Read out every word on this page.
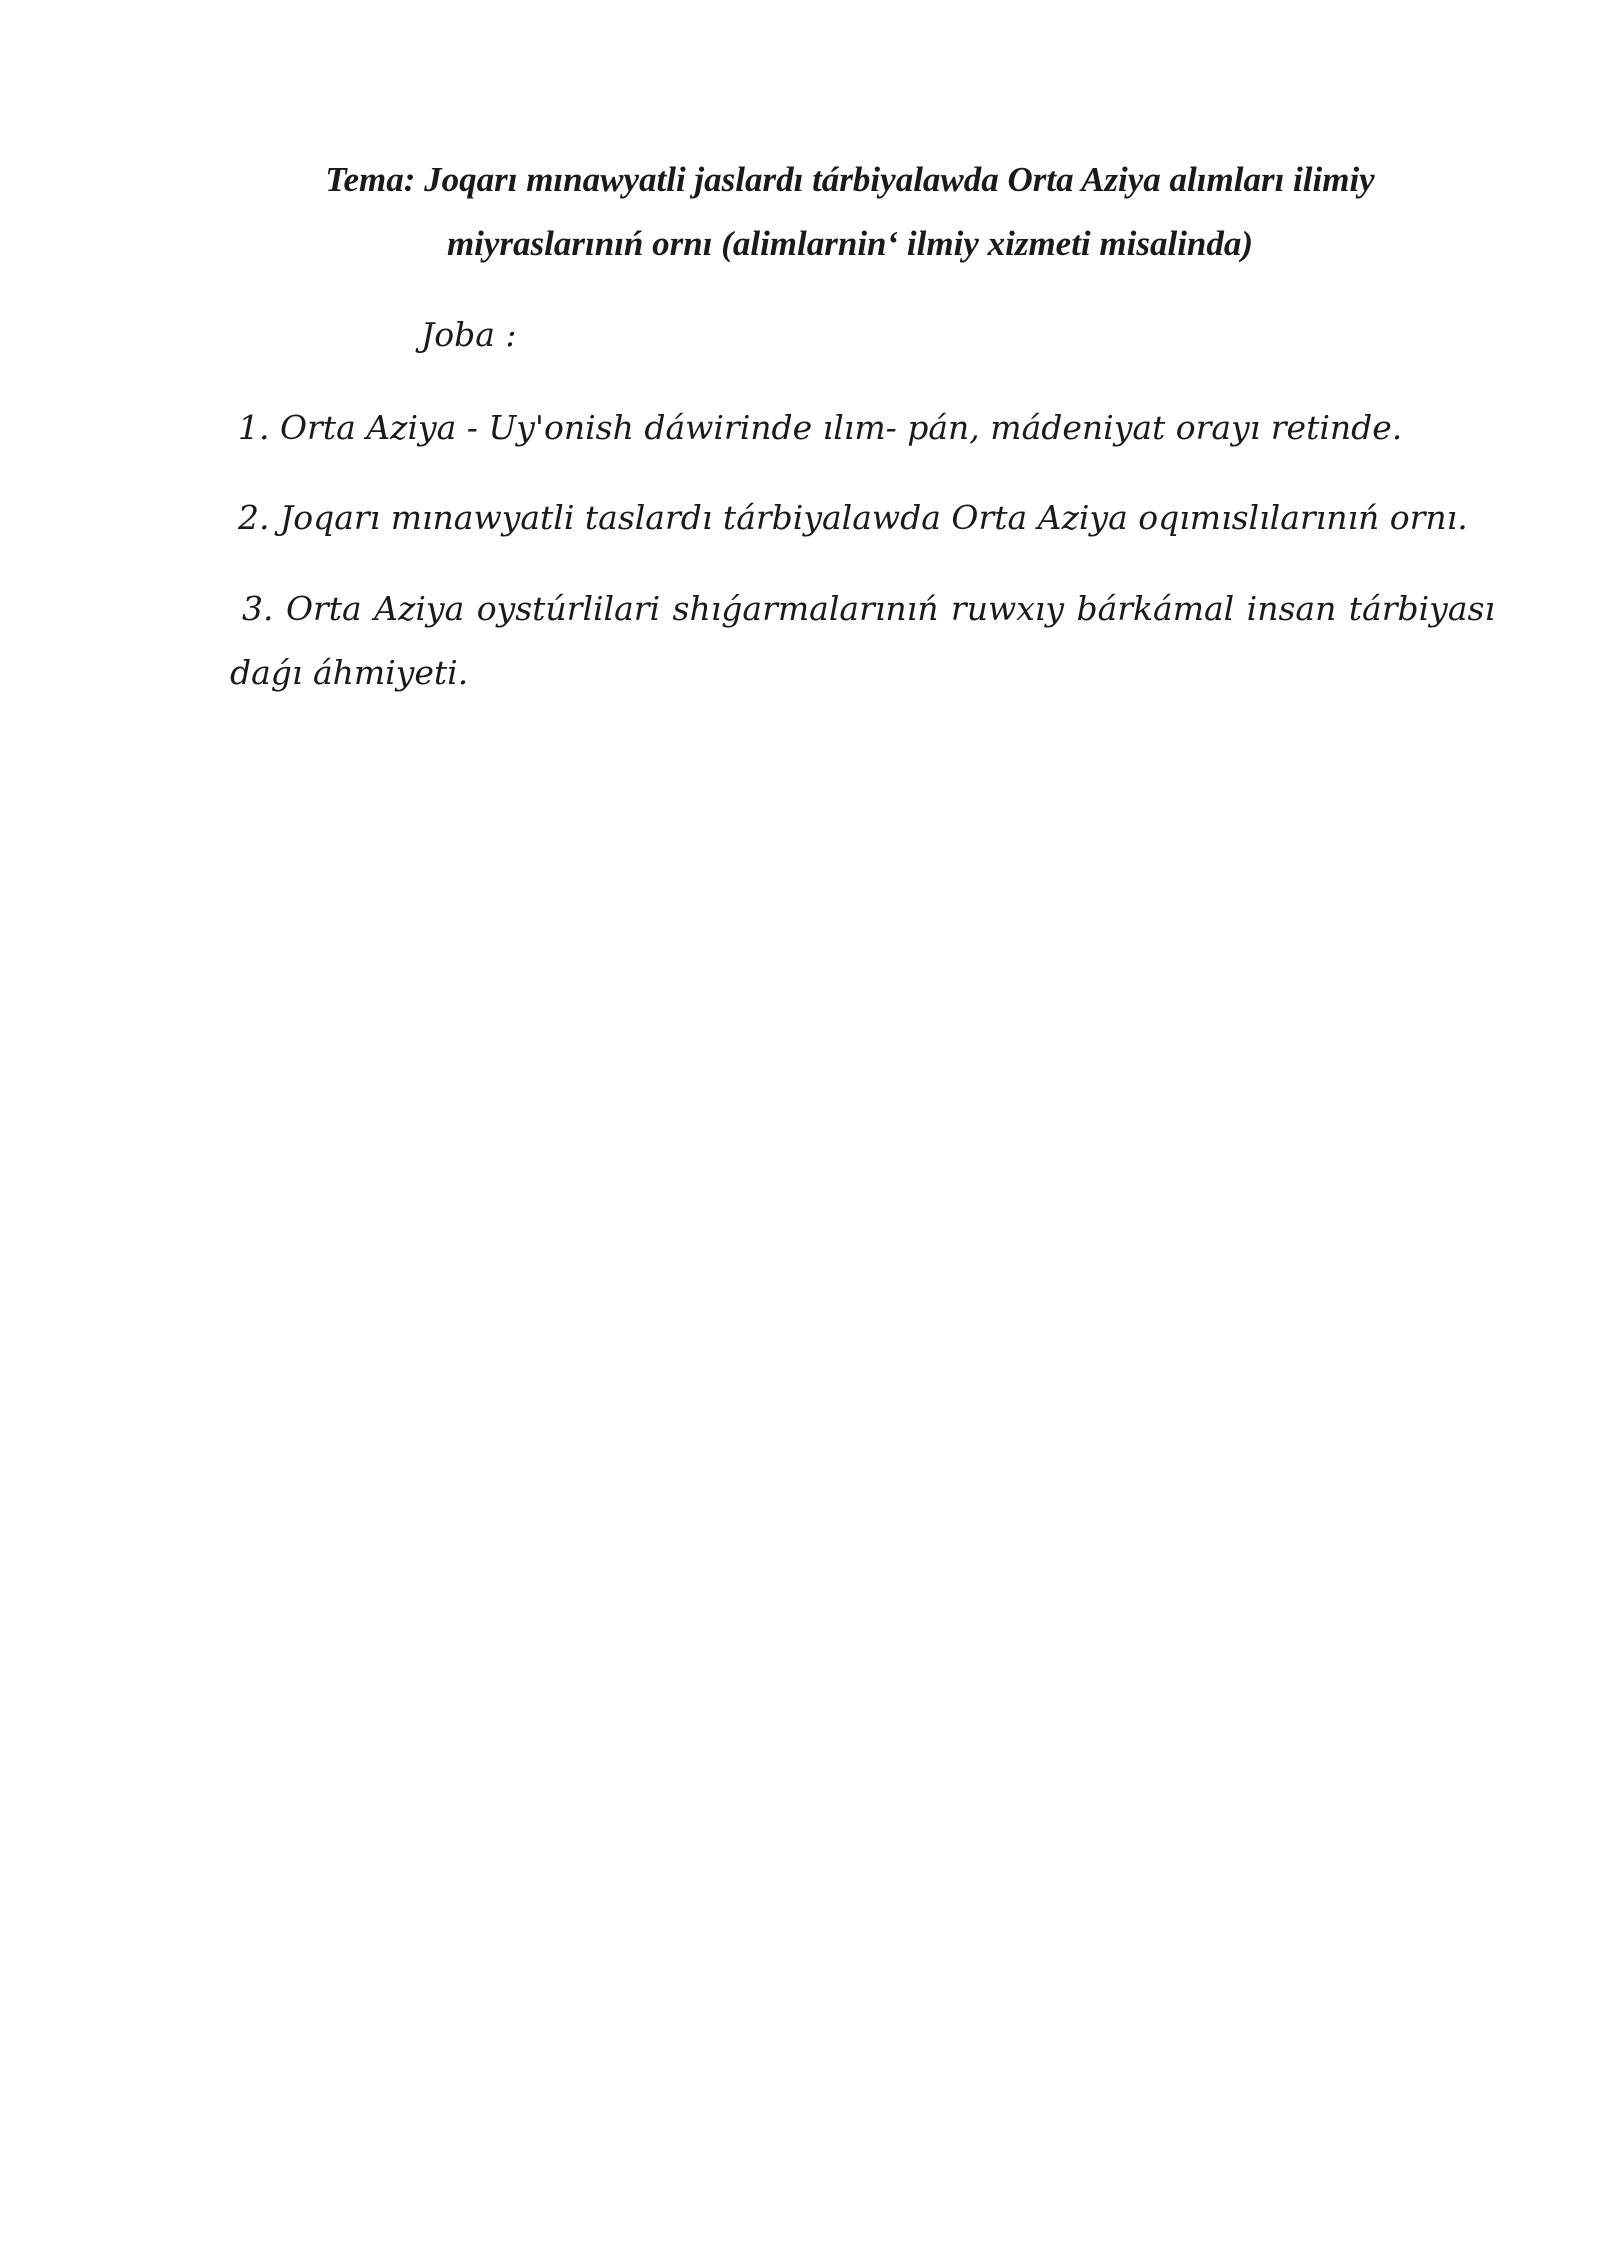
Tema: Joqarı mınawyatli jaslardı tárbiyalawda Orta Aziya alımları ilimiy miyraslarınıń ornı (alimlarnin‘ ilmiy xizmeti misalinda)

Joba :

1. Orta Aziya - Uy'onish dáwirinde ılım- pán, mádeniyat orayı retinde.

2. Joqarı mınawyatli taslardı tárbiyalawda Orta Aziya oqımıslılarınıń ornı.

3. Orta Aziya oystúrlilari shıǵarmalarınıń ruwxıy bárkámal insan tárbiyası daǵı áhmiyeti.
